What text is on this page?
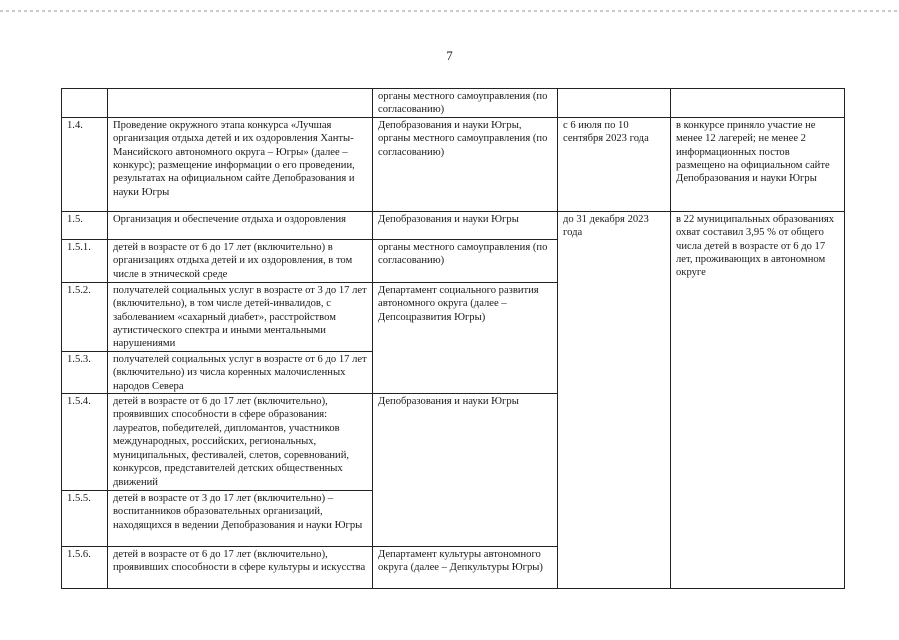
7
		органы местного самоуправления (по согласованию)		
1.4.	Проведение окружного этапа конкурса «Лучшая организация отдыха детей и их оздоровления Ханты-Мансийского автономного округа – Югры» (далее – конкурс); размещение информации о его проведении, результатах на официальном сайте Депобразования и науки Югры	Депобразования и науки Югры, органы местного самоуправления (по согласованию)	с 6 июля по 10 сентября 2023 года	в конкурсе приняло участие не менее 12 лагерей; не менее 2 информационных постов размещено на официальном сайте Депобразования и науки Югры
1.5.	Организация и обеспечение отдыха и оздоровления	Депобразования и науки Югры	до 31 декабря 2023 года	в 22 муниципальных образованиях охват составил 3,95 % от общего числа детей в возрасте от 6 до 17 лет, проживающих в автономном округе
1.5.1.	детей в возрасте от 6 до 17 лет (включительно) в организациях отдыха детей и их оздоровления, в том числе в этнической среде	органы местного самоуправления (по согласованию)		
1.5.2.	получателей социальных услуг в возрасте от 3 до 17 лет (включительно), в том числе детей-инвалидов, с заболеванием «сахарный диабет», расстройством аутистического спектра и иными ментальными нарушениями	Департамент социального развития автономного округа (далее – Депсоцразвития Югры)		
1.5.3.	получателей социальных услуг в возрасте от 6 до 17 лет (включительно) из числа коренных малочисленных народов Севера			
1.5.4.	детей в возрасте от 6 до 17 лет (включительно), проявивших способности в сфере образования: лауреатов, победителей, дипломантов, участников международных, российских, региональных, муниципальных, фестивалей, слетов, соревнований, конкурсов, представителей детских общественных движений	Депобразования и науки Югры		
1.5.5.	детей в возрасте от 3 до 17 лет (включительно) – воспитанников образовательных организаций, находящихся в ведении Депобразования и науки Югры			
1.5.6.	детей в возрасте от 6 до 17 лет (включительно), проявивших способности в сфере культуры и искусства	Департамент культуры автономного округа (далее – Депкультуры Югры)		
